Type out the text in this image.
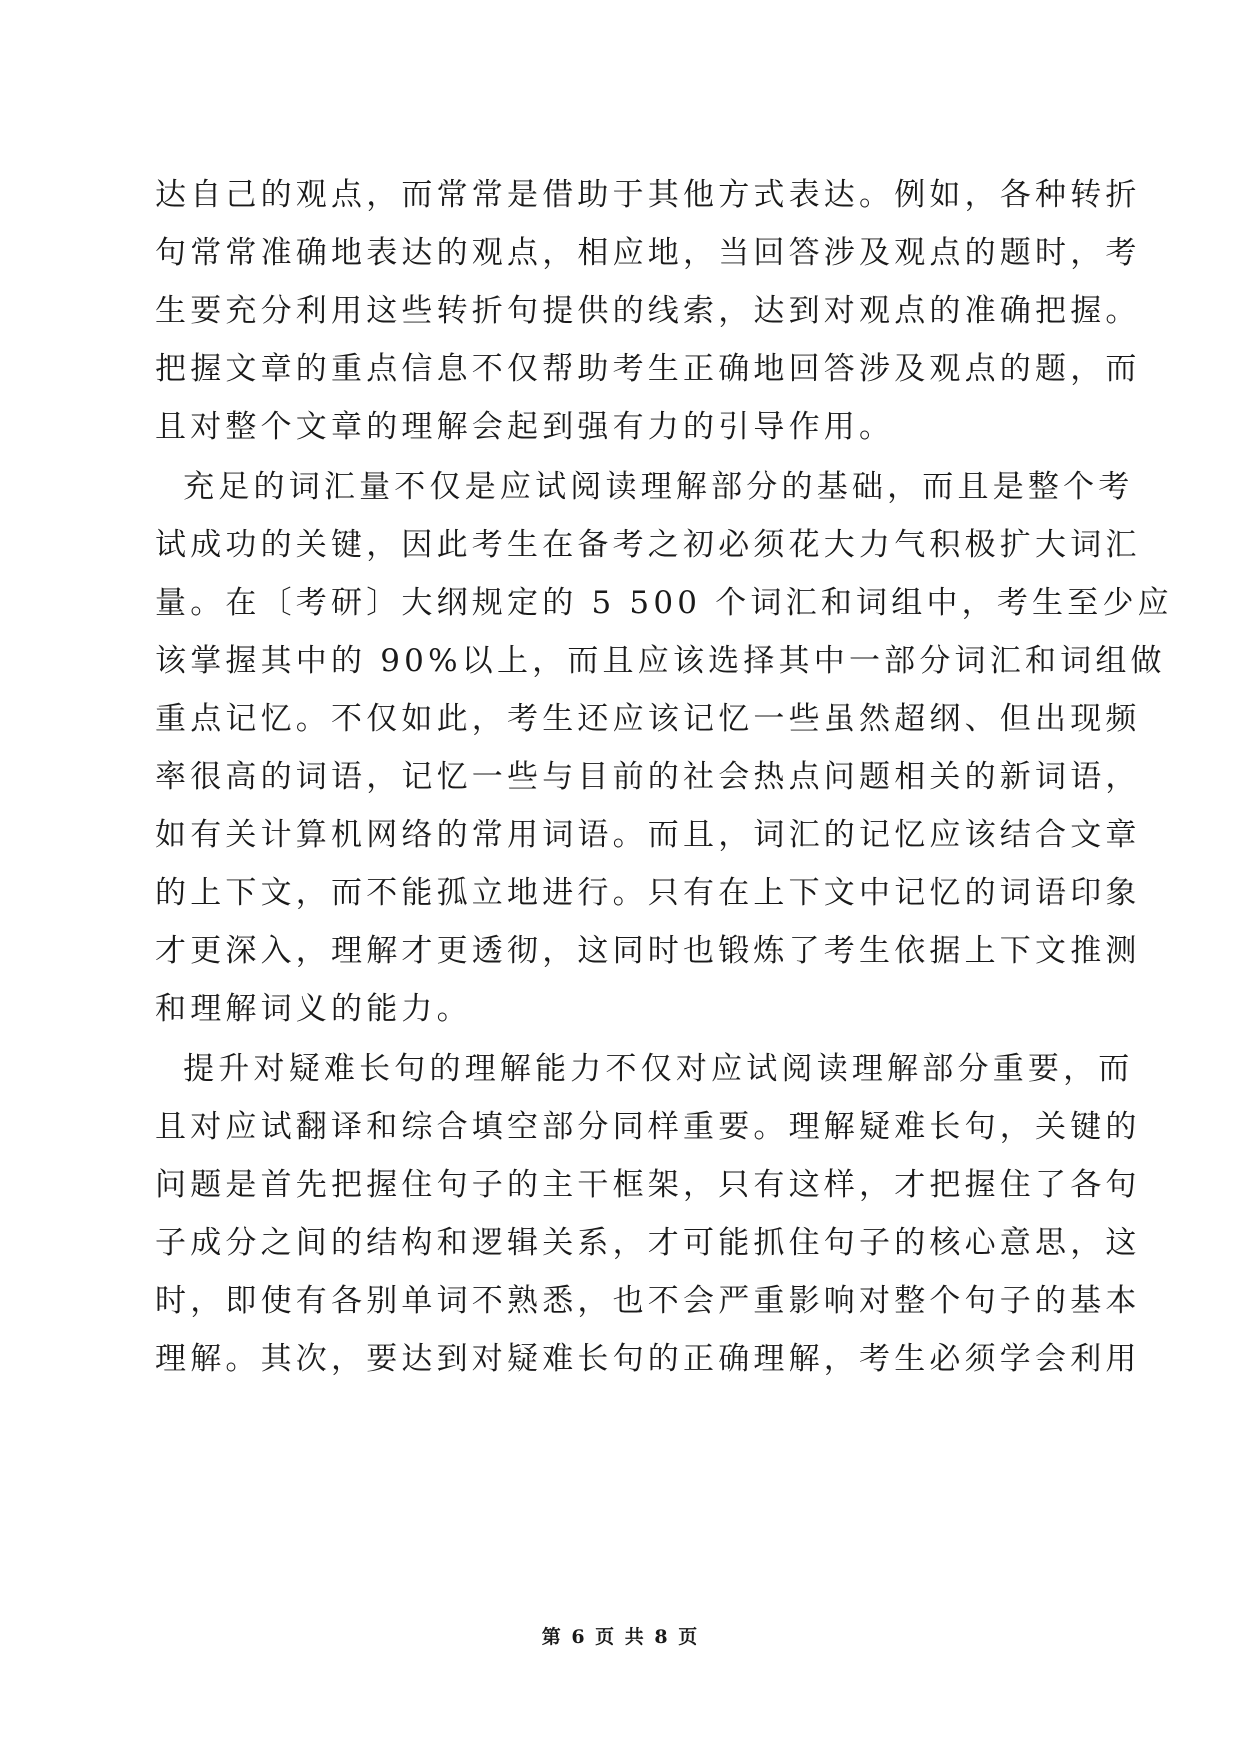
达自己的观点，而常常是借助于其他方式表达。例如，各种转折
句常常准确地表达的观点，相应地，当回答涉及观点的题时，考
生要充分利用这些转折句提供的线索，达到对观点的准确把握。
把握文章的重点信息不仅帮助考生正确地回答涉及观点的题，而
且对整个文章的理解会起到强有力的引导作用。
充足的词汇量不仅是应试阅读理解部分的基础，而且是整个考
试成功的关键，因此考生在备考之初必须花大力气积极扩大词汇
量。在〔考研〕大纲规定的 5 500 个词汇和词组中，考生至少应
该掌握其中的 90%以上，而且应该选择其中一部分词汇和词组做
重点记忆。不仅如此，考生还应该记忆一些虽然超纲、但出现频
率很高的词语，记忆一些与目前的社会热点问题相关的新词语，
如有关计算机网络的常用词语。而且，词汇的记忆应该结合文章
的上下文，而不能孤立地进行。只有在上下文中记忆的词语印象
才更深入，理解才更透彻，这同时也锻炼了考生依据上下文推测
和理解词义的能力。
提升对疑难长句的理解能力不仅对应试阅读理解部分重要，而
且对应试翻译和综合填空部分同样重要。理解疑难长句，关键的
问题是首先把握住句子的主干框架，只有这样，才把握住了各句
子成分之间的结构和逻辑关系，才可能抓住句子的核心意思，这
时，即使有各别单词不熟悉，也不会严重影响对整个句子的基本
理解。其次，要达到对疑难长句的正确理解，考生必须学会利用
第 6 页 共 8 页
